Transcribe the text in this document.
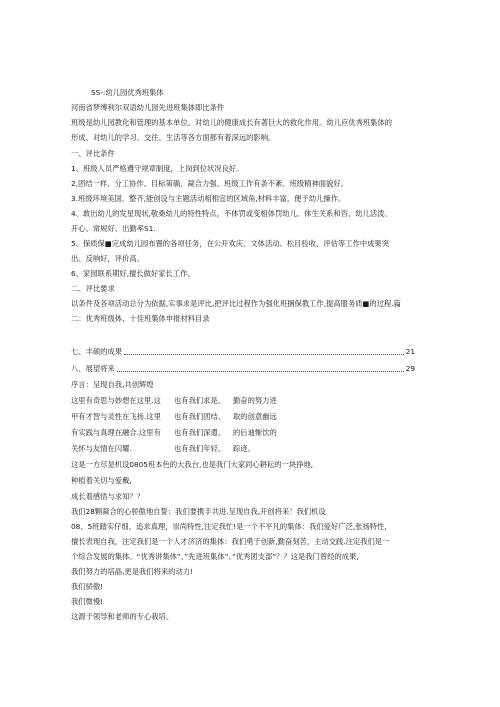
SS-:幼儿园优秀班集体
河南省梦缚利尔双语幼儿园先进班集体即比条件
班级是幼儿园教化和管理的基本单位。对幼儿的健康成长有著巨大的救化作用。幼儿应优秀班集体的
形成、对幼儿的学习、交往、生活等各方面都有着深远的影响。
一、评比条件
1、班级人员严格遵守规章制度，上岗到位状况良好。
2,团结一样、分工协作、目标第确、凝合力强、班级工作有条不紊、班级精神面貌好。
3.班级环境美国、整齐,能创设与主题活动相相宜的区域角,材料丰富，便于幼儿操作。
4、敢出幼儿的发星现状,敬桑幼儿的特性特点，不体罚或变相体罚幼儿。体生关系和咨，幼儿活泼、
开心、常规好、出勤率S1.
5、保质保■完成幼儿园布置的各项任务，在公开欢庆、文体活动、松目验收、评估等工作中成果突
出、反响好，评价高。
6、家园联系期好,擅长做好家长工作。
二、评比要求
以条件及各项活动总分为依据,实事求是评比,把评比过程作为强化班捆保教工作,提高服务质■的过程.篇
二：优秀班级体、十佳班集体申报材料目录
七、丰硕的成果	21
八、展望将来	29
序言：呈现自我,共创辉煌
这里有奇思与妙想在这里.这 也有我们求是、 勤奋的努力进
甲有才智与灵性在飞扬.这里 也有我们团结、 取的创意幽远
有实践与真理在融合.这里有 也有我们深遣、 的后迪惭饮的
关怀与友情在闪耀.	也有我们年轻、 踪迹。
这是一方尽显机设0805班本色的大我台,也是我门大家同心耕耘的一块挣地,
种植着关切与爱戴,
成长着感悟与求知？？
我们28颗凝合的心骄傲地自誓：我们要携手共进.呈现自我,开创将来！我们机设
08、5班踏实仔细，追求真理，崇尚特性,注定我忙!是一个不平凡的集体：我们爱好广泛,张扬特性，
擅长表现自我，注定我们是一个人才济济的集体：我们勇于创新,勤奋刻苦，主动交践.注定我们是一
个综合发展的集体。“优秀讲集体”、”先进班集体”、”优秀团支部”？？这是我门曾经的成果,
我们努力的培晶,更是我们将来的动力!
我们骄傲!
我们微慢!
这源于领导和老师的专心栽培。
